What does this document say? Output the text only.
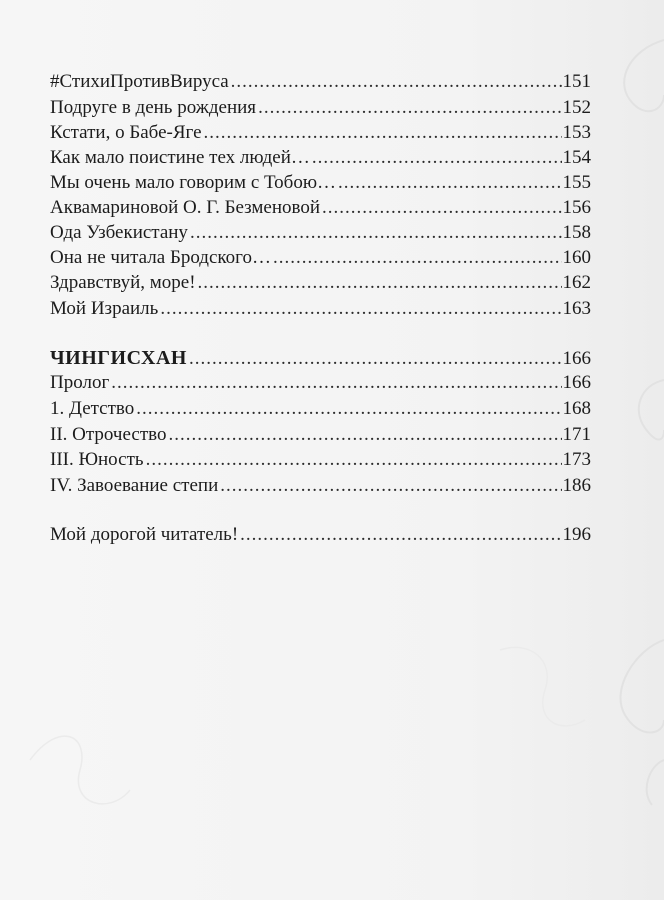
#СтихиПротивВируса .....	151
Подруге в день рождения .....	152
Кстати, о Бабе-Яге .....	153
Как мало поистине тех людей… .....	154
Мы очень мало говорим с Тобою… .....	155
Аквамариновой О. Г. Безменовой .....	156
Ода Узбекистану .....	158
Она не читала Бродского… .....	160
Здравствуй, море! .....	162
Мой Израиль .....	163
ЧИНГИСХАН .....	166
Пролог .....	166
1. Детство .....	168
II. Отрочество .....	171
III. Юность .....	173
IV. Завоевание степи .....	186
Мой дорогой читатель! .....	196
